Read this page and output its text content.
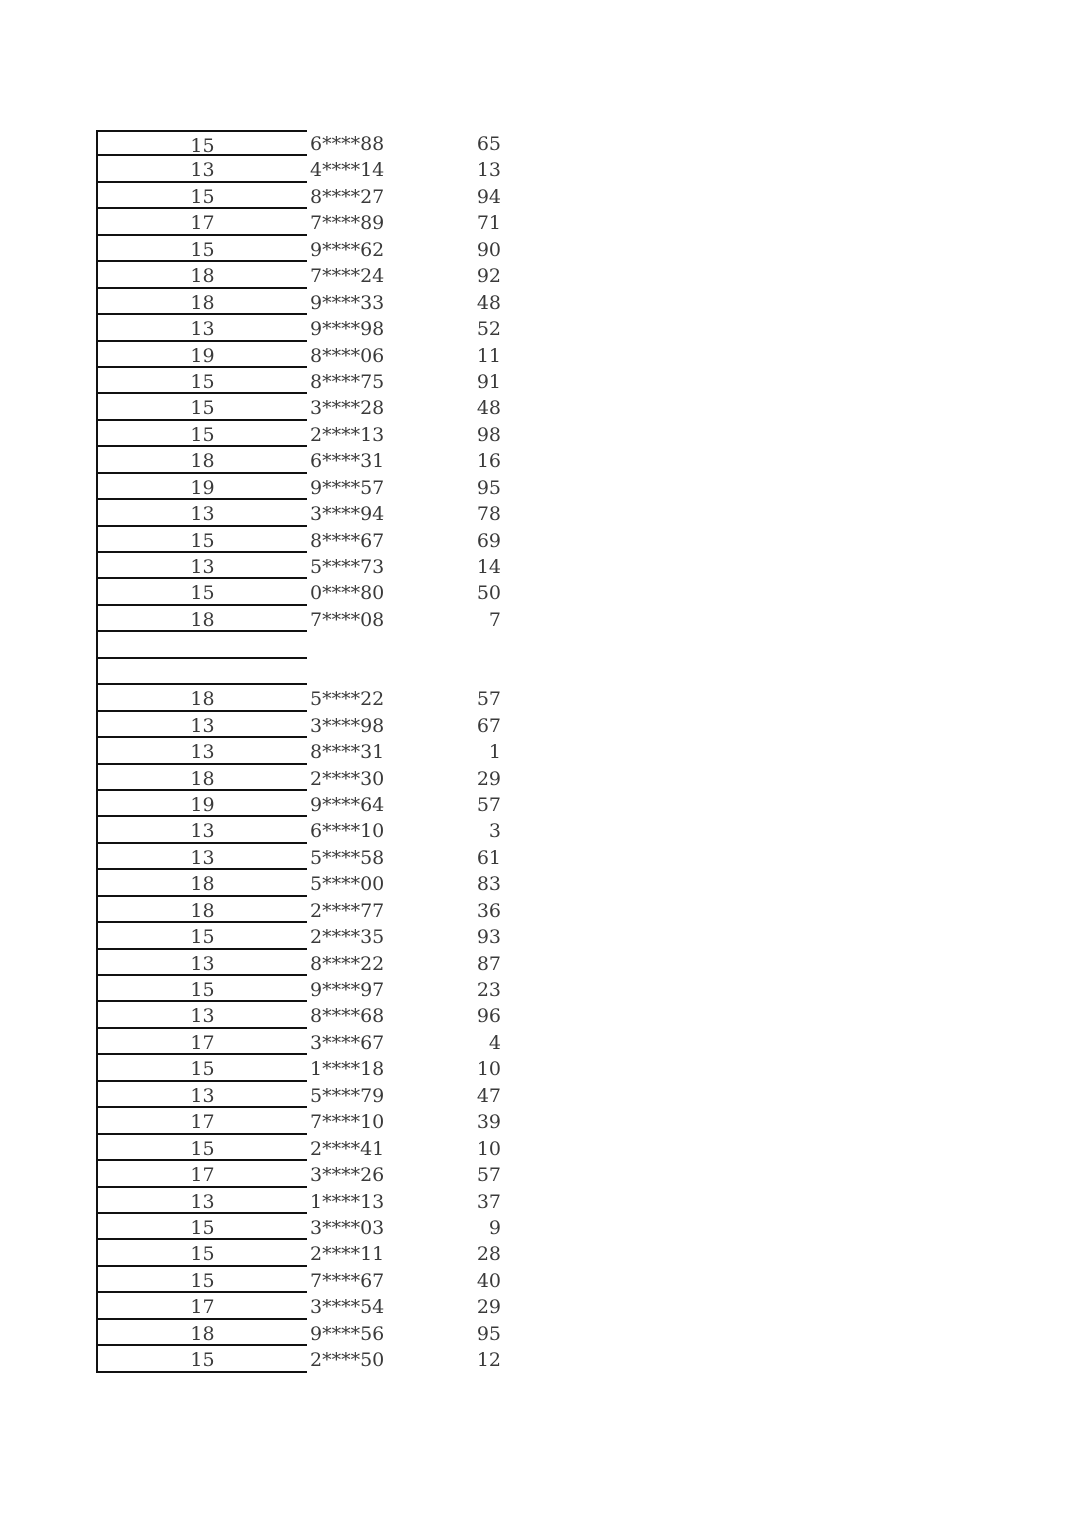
15	6****88	65
13	4****14	13
15	8****27	94
17	7****89	71
15	9****62	90
18	7****24	92
18	9****33	48
13	9****98	52
19	8****06	11
15	8****75	91
15	3****28	48
15	2****13	98
18	6****31	16
19	9****57	95
13	3****94	78
15	8****67	69
13	5****73	14
15	0****80	50
18	7****08	7
18	5****22	57
13	3****98	67
13	8****31	1
18	2****30	29
19	9****64	57
13	6****10	3
13	5****58	61
18	5****00	83
18	2****77	36
15	2****35	93
13	8****22	87
15	9****97	23
13	8****68	96
17	3****67	4
15	1****18	10
13	5****79	47
17	7****10	39
15	2****41	10
17	3****26	57
13	1****13	37
15	3****03	9
15	2****11	28
15	7****67	40
17	3****54	29
18	9****56	95
15	2****50	12
